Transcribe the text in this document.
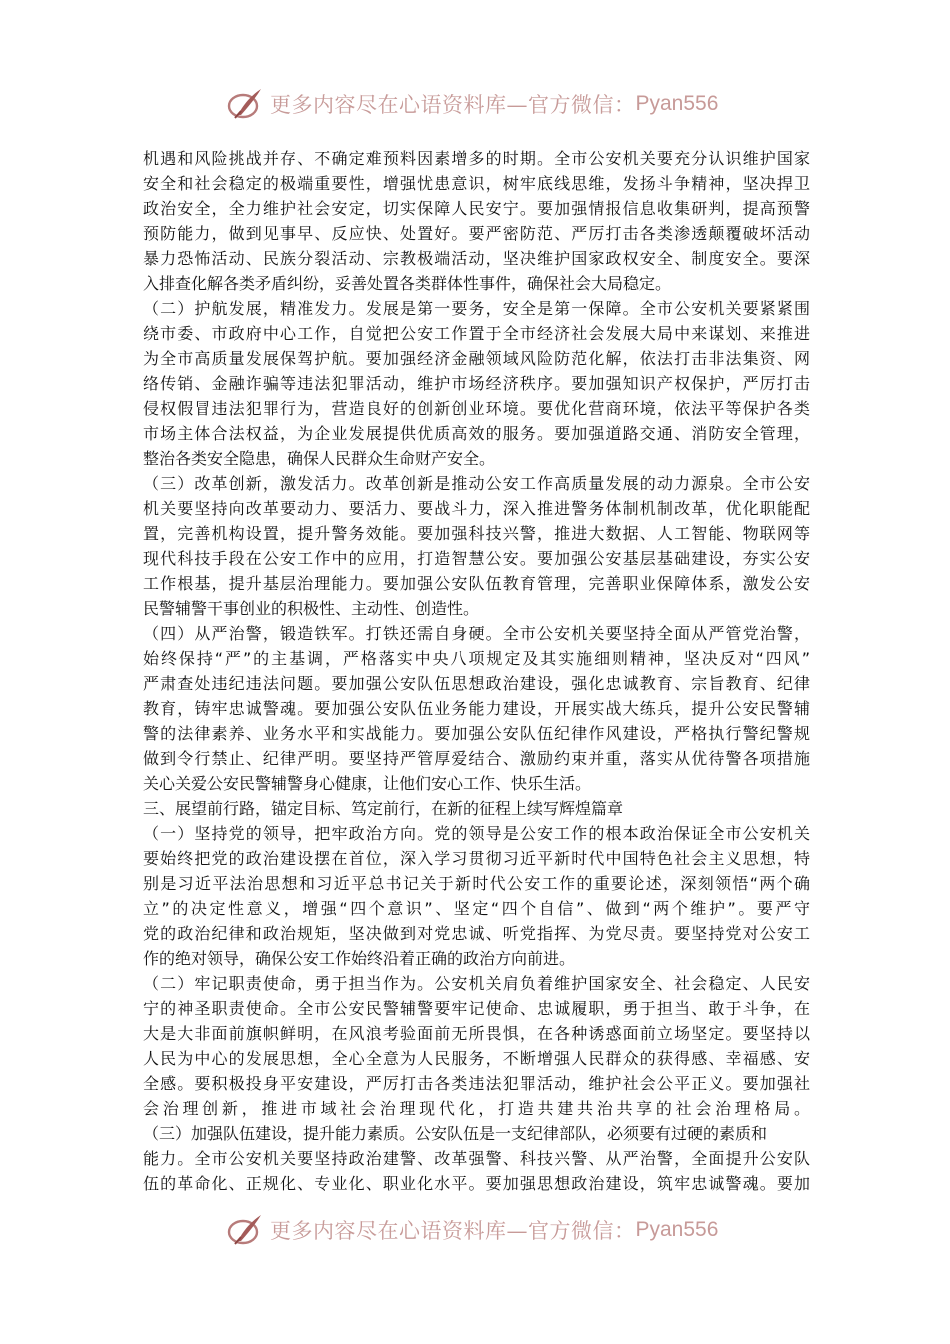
更多内容尽在心语资料库—官方微信： Pyan556
机遇和风险挑战并存、不确定难预料因素增多的时期。全市公安机关要充分认识维护国家
安全和社会稳定的极端重要性，增强忧患意识，树牢底线思维，发扬斗争精神，坚决捍卫
政治安全，全力维护社会安定，切实保障人民安宁。要加强情报信息收集研判，提高预警
预防能力，做到见事早、反应快、处置好。要严密防范、严厉打击各类渗透颠覆破坏活动
暴力恐怖活动、民族分裂活动、宗教极端活动，坚决维护国家政权安全、制度安全。要深
入排查化解各类矛盾纠纷，妥善处置各类群体性事件，确保社会大局稳定。
（二）护航发展，精准发力。发展是第一要务，安全是第一保障。全市公安机关要紧紧围
绕市委、市政府中心工作，自觉把公安工作置于全市经济社会发展大局中来谋划、来推进
为全市高质量发展保驾护航。要加强经济金融领域风险防范化解，依法打击非法集资、网
络传销、金融诈骗等违法犯罪活动，维护市场经济秩序。要加强知识产权保护，严厉打击
侵权假冒违法犯罪行为，营造良好的创新创业环境。要优化营商环境，依法平等保护各类
市场主体合法权益，为企业发展提供优质高效的服务。要加强道路交通、消防安全管理，
整治各类安全隐患，确保人民群众生命财产安全。
（三）改革创新，激发活力。改革创新是推动公安工作高质量发展的动力源泉。全市公安
机关要坚持向改革要动力、要活力、要战斗力，深入推进警务体制机制改革，优化职能配
置，完善机构设置，提升警务效能。要加强科技兴警，推进大数据、人工智能、物联网等
现代科技手段在公安工作中的应用，打造智慧公安。要加强公安基层基础建设，夯实公安
工作根基，提升基层治理能力。要加强公安队伍教育管理，完善职业保障体系，激发公安
民警辅警干事创业的积极性、主动性、创造性。
（四）从严治警，锻造铁军。打铁还需自身硬。全市公安机关要坚持全面从严管党治警，
始终保持“严”的主基调，严格落实中央八项规定及其实施细则精神，坚决反对“四风”
严肃查处违纪违法问题。要加强公安队伍思想政治建设，强化忠诚教育、宗旨教育、纪律
教育，铸牢忠诚警魂。要加强公安队伍业务能力建设，开展实战大练兵，提升公安民警辅
警的法律素养、业务水平和实战能力。要加强公安队伍纪律作风建设，严格执行警纪警规
做到令行禁止、纪律严明。要坚持严管厚爱结合、激励约束并重，落实从优待警各项措施
关心关爱公安民警辅警身心健康，让他们安心工作、快乐生活。
三、展望前行路，锚定目标、笃定前行，在新的征程上续写辉煌篇章
（一）坚持党的领导，把牢政治方向。党的领导是公安工作的根本政治保证全市公安机关
要始终把党的政治建设摆在首位，深入学习贯彻习近平新时代中国特色社会主义思想，特
别是习近平法治思想和习近平总书记关于新时代公安工作的重要论述，深刻领悟“两个确
立”的决定性意义，增强“四个意识”、坚定“四个自信”、做到“两个维护”。要严守
党的政治纪律和政治规矩，坚决做到对党忠诚、听党指挥、为党尽责。要坚持党对公安工
作的绝对领导，确保公安工作始终沿着正确的政治方向前进。
（二）牢记职责使命，勇于担当作为。公安机关肩负着维护国家安全、社会稳定、人民安
宁的神圣职责使命。全市公安民警辅警要牢记使命、忠诚履职，勇于担当、敢于斗争，在
大是大非面前旗帜鲜明，在风浪考验面前无所畏惧，在各种诱惑面前立场坚定。要坚持以
人民为中心的发展思想，全心全意为人民服务，不断增强人民群众的获得感、幸福感、安
全感。要积极投身平安建设，严厉打击各类违法犯罪活动，维护社会公平正义。要加强社
会治理创新，推进市域社会治理现代化，打造共建共治共享的社会治理格局。
（三）加强队伍建设，提升能力素质。公安队伍是一支纪律部队，必须要有过硬的素质和
能力。全市公安机关要坚持政治建警、改革强警、科技兴警、从严治警，全面提升公安队
伍的革命化、正规化、专业化、职业化水平。要加强思想政治建设，筑牢忠诚警魂。要加
更多内容尽在心语资料库—官方微信： Pyan556
